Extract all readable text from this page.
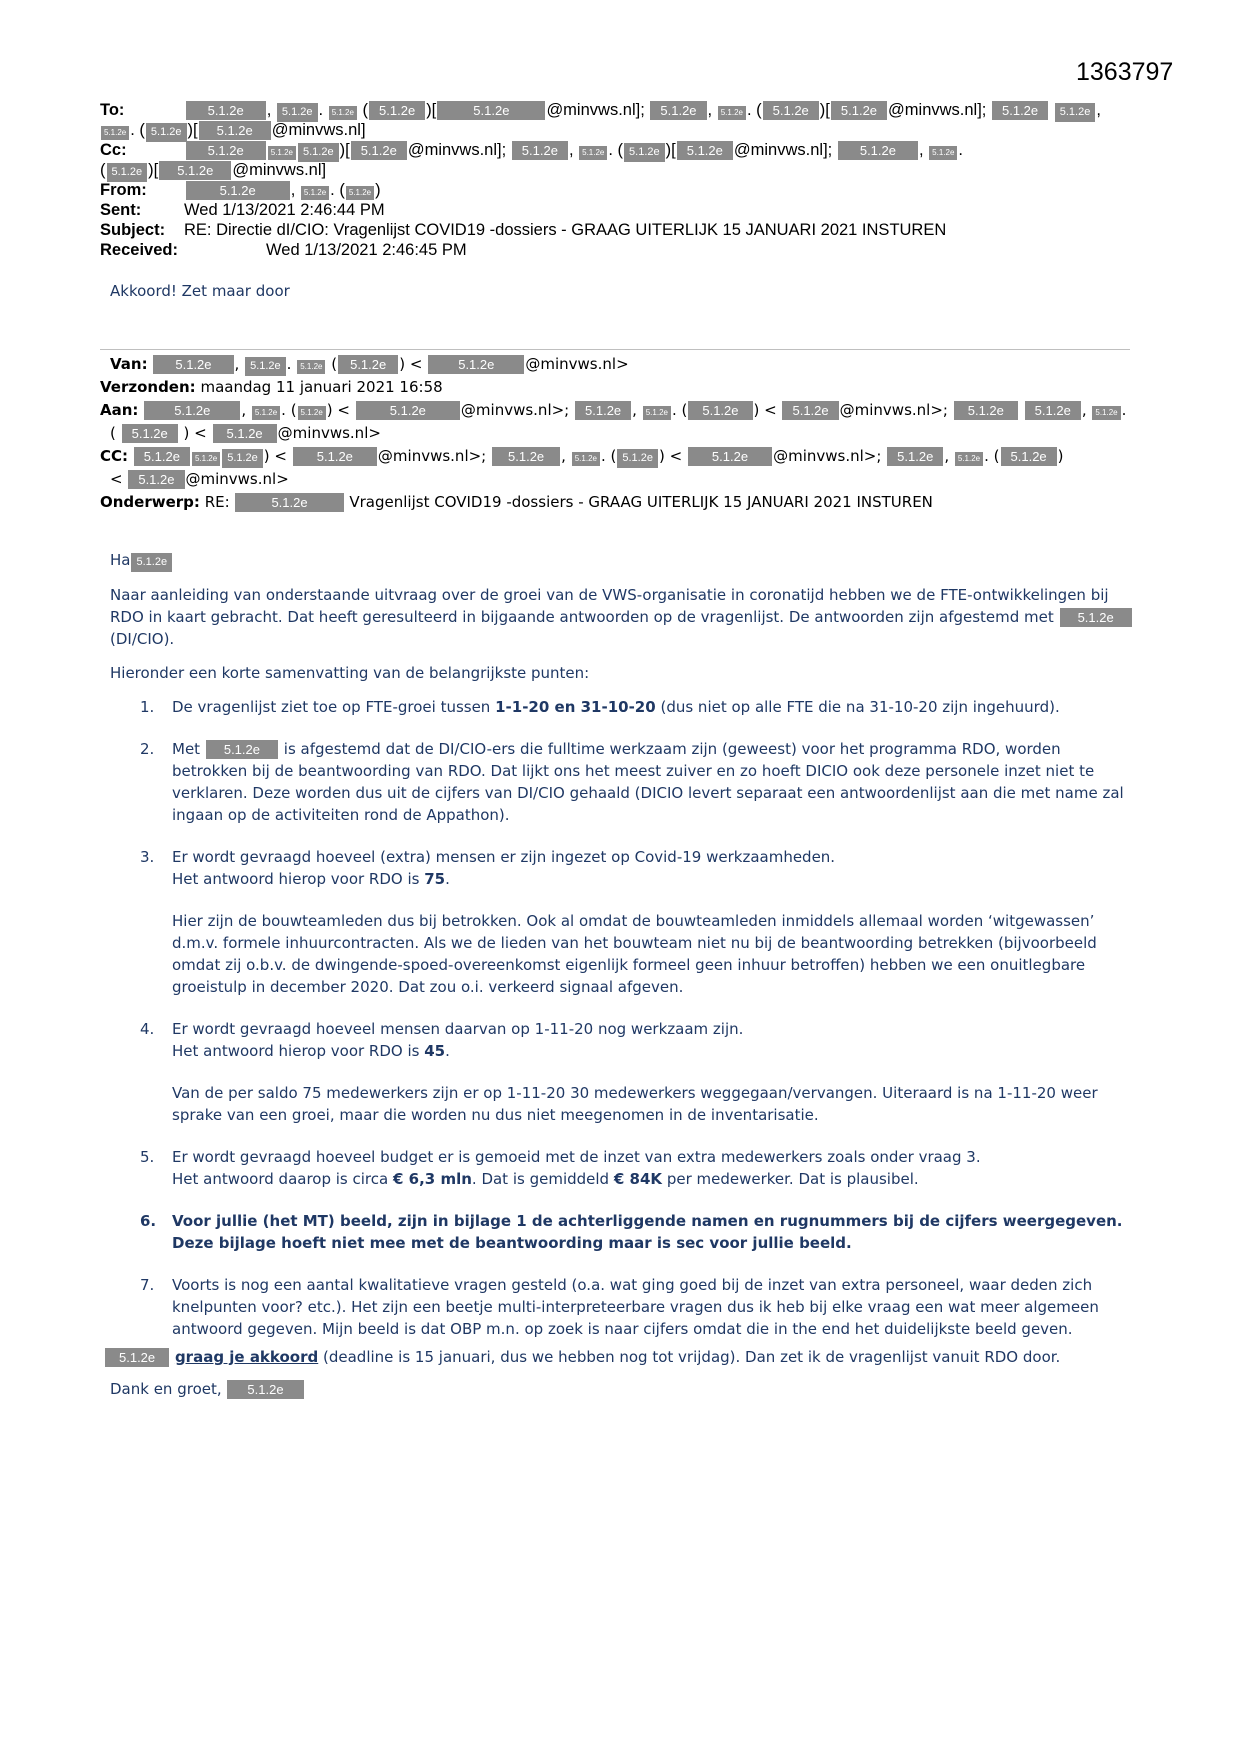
1363797
To:	5.1.2e , 5.1.2e . 5.1.2e ( 5.1.2e )[	5.1.2e @minvws.nl]; 5.1.2e , 5.1.2e . ( 5.1.2e )[ 5.1.2e @minvws.nl]; 5.1.2e 5.1.2e ,
5.1.2e . ( 5.1.2e )[ 5.1.2e @minvws.nl]
Cc:	5.1.2e	5.1.2e 5.1.2e )[ 5.1.2e @minvws.nl]; 5.1.2e , 5.1.2e . ( 5.1.2e )[ 5.1.2e @minvws.nl]; 5.1.2e , 5.1.2e .
( 5.1.2e )[ 5.1.2e @minvws.nl]
From:	5.1.2e , 5.1.2e . ( 5.1.2e )
Sent:	Wed 1/13/2021 2:46:44 PM
Subject: RE: Directie dI/CIO: Vragenlijst COVID19 -dossiers - GRAAG UITERLIJK 15 JANUARI 2021 INSTUREN
Received:	Wed 1/13/2021 2:46:45 PM
Akkoord! Zet maar door
Van: 5.1.2e , 5.1.2e . 5.1.2e ( 5.1.2e ) < 5.1.2e @minvws.nl>
Verzonden: maandag 11 januari 2021 16:58
Aan:	5.1.2e , 5.1.2e . ( 5.1.2e ) <	5.1.2e @minvws.nl>; 5.1.2e , 5.1.2e . ( 5.1.2e ) < 5.1.2e @minvws.nl>; 5.1.2e 5.1.2e , 5.1.2e .
( 5.1.2e ) < 5.1.2e @minvws.nl>
CC: 5.1.2e 5.1.2e 5.1.2e ) < 5.1.2e @minvws.nl>; 5.1.2e , 5.1.2e . ( 5.1.2e ) < 5.1.2e @minvws.nl>; 5.1.2e , 5.1.2e . ( 5.1.2e )
< 5.1.2e @minvws.nl>
Onderwerp: RE:	5.1.2e	Vragenlijst COVID19 -dossiers - GRAAG UITERLIJK 15 JANUARI 2021 INSTUREN

Ha 5.1.2e

Naar aanleiding van onderstaande uitvraag over de groei van de VWS-organisatie in coronatijd hebben we de FTE-ontwikkelingen bij RDO in kaart gebracht. Dat heeft geresulteerd in bijgaande antwoorden op de vragenlijst. De antwoorden zijn afgestemd met 5.1.2e (DI/CIO).

Hieronder een korte samenvatting van de belangrijkste punten:

1. De vragenlijst ziet toe op FTE-groei tussen 1-1-20 en 31-10-20 (dus niet op alle FTE die na 31-10-20 zijn ingehuurd).
2. Met 5.1.2e is afgestemd dat de DI/CIO-ers die fulltime werkzaam zijn (geweest) voor het programma RDO, worden betrokken bij de beantwoording van RDO. Dat lijkt ons het meest zuiver en zo hoeft DICIO ook deze personele inzet niet te verklaren. Deze worden dus uit de cijfers van DI/CIO gehaald (DICIO levert separaat een antwoordenlijst aan die met name zal ingaan op de activiteiten rond de Appathon).
3. Er wordt gevraagd hoeveel (extra) mensen er zijn ingezet op Covid-19 werkzaamheden.
Het antwoord hierop voor RDO is 75.
Hier zijn de bouwteamleden dus bij betrokken. Ook al omdat de bouwteamleden inmiddels allemaal worden ‘witgewassen’ d.m.v. formele inhuurcontracten. Als we de lieden van het bouwteam niet nu bij de beantwoording betrekken (bijvoorbeeld omdat zij o.b.v. de dwingende-spoed-overeenkomst eigenlijk formeel geen inhuur betroffen) hebben we een onuitlegbare groeistulp in december 2020. Dat zou o.i. verkeerd signaal afgeven.
4. Er wordt gevraagd hoeveel mensen daarvan op 1-11-20 nog werkzaam zijn.
Het antwoord hierop voor RDO is 45.
Van de per saldo 75 medewerkers zijn er op 1-11-20 30 medewerkers weggegaan/vervangen. Uiteraard is na 1-11-20 weer sprake van een groei, maar die worden nu dus niet meegenomen in de inventarisatie.
5. Er wordt gevraagd hoeveel budget er is gemoeid met de inzet van extra medewerkers zoals onder vraag 3.
Het antwoord daarop is circa € 6,3 mln. Dat is gemiddeld € 84K per medewerker. Dat is plausibel.
6. Voor jullie (het MT) beeld, zijn in bijlage 1 de achterliggende namen en rugnummers bij de cijfers weergegeven. Deze bijlage hoeft niet mee met de beantwoording maar is sec voor jullie beeld.
7. Voorts is nog een aantal kwalitatieve vragen gesteld (o.a. wat ging goed bij de inzet van extra personeel, waar deden zich knelpunten voor? etc.). Het zijn een beetje multi-interpreteerbare vragen dus ik heb bij elke vraag een wat meer algemeen antwoord gegeven. Mijn beeld is dat OBP m.n. op zoek is naar cijfers omdat die in the end het duidelijkste beeld geven.

5.1.2e graag je akkoord (deadline is 15 januari, dus we hebben nog tot vrijdag). Dan zet ik de vragenlijst vanuit RDO door.

Dank en groet, 5.1.2e
